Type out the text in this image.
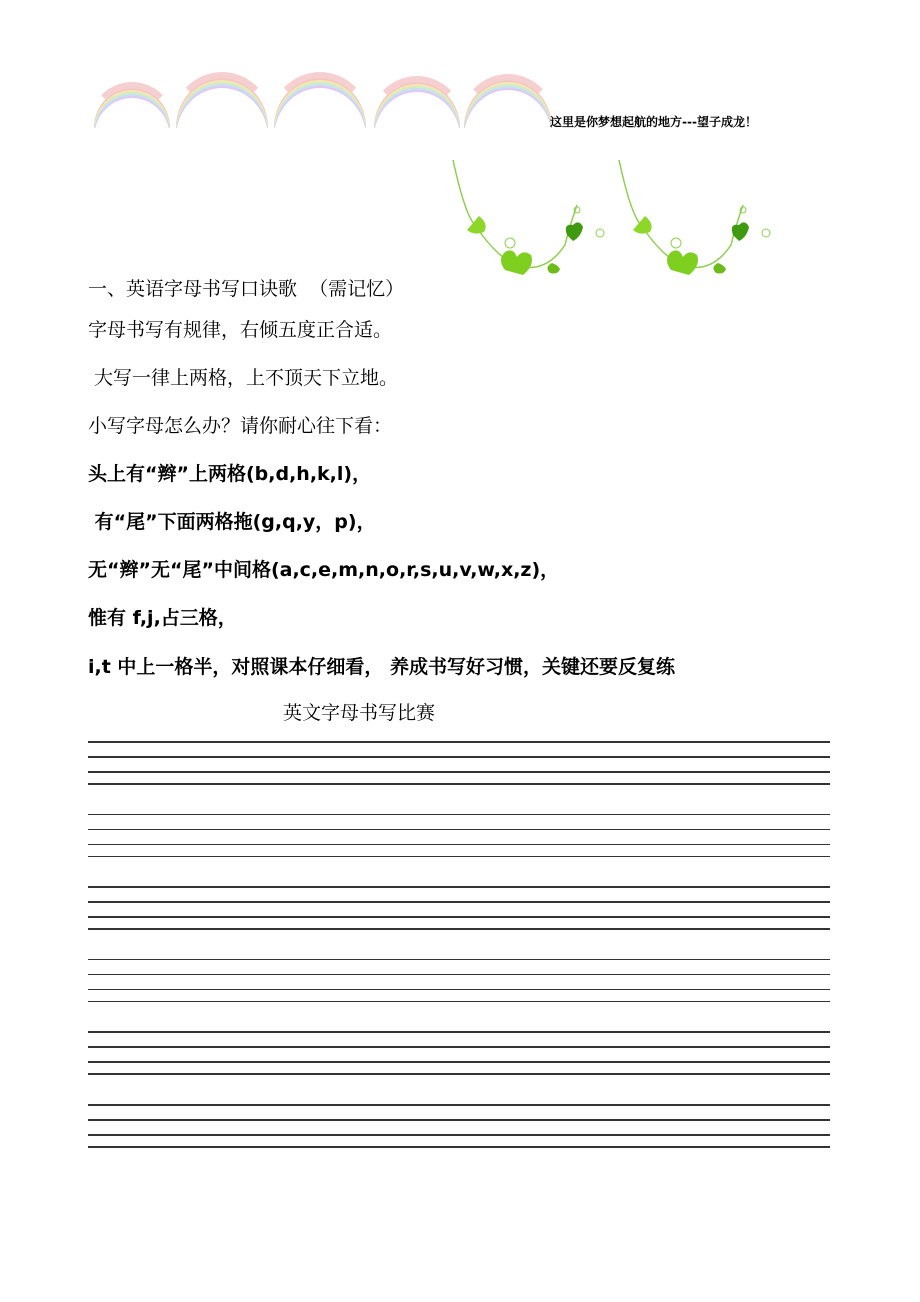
这里是你梦想起航的地方---望子成龙！
一、英语字母书写口诀歌  （需记忆）
字母书写有规律，右倾五度正合适。
大写一律上两格，上不顶天下立地。
小写字母怎么办？请你耐心往下看：
头上有“辫”上两格(b,d,h,k,l)，
有“尾”下面两格拖(g,q,y，p)，
无“辫”无“尾”中间格(a,c,e,m,n,o,r,s,u,v,w,x,z)，
惟有 f,j,占三格，
i,t 中上一格半，对照课本仔细看， 养成书写好习惯，关键还要反复练
英文字母书写比赛
